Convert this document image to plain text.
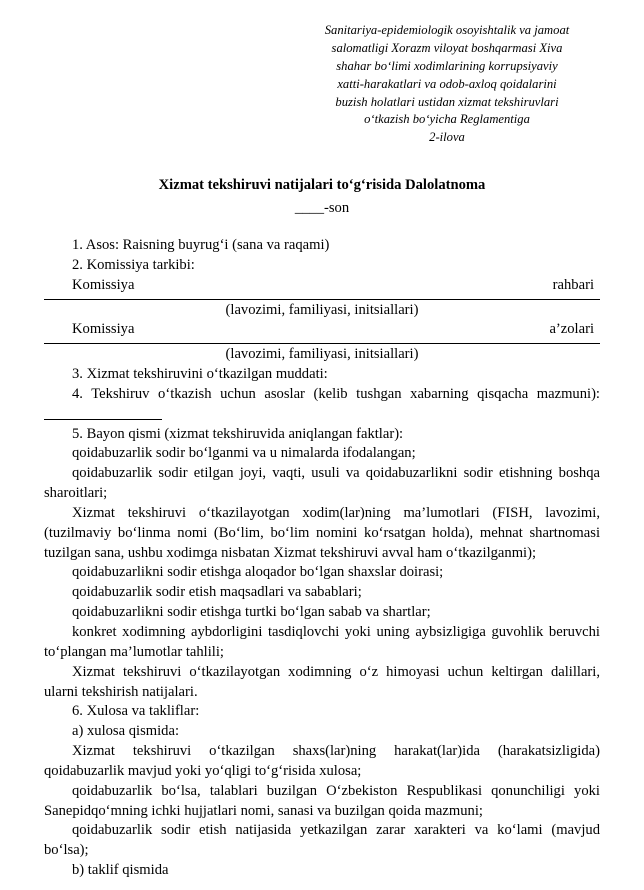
Sanitariya-epidemiologik osoyishtalik va jamoat
salomatligi Xorazm viloyat boshqarmasi Xiva
shahar bo‘limi xodimlarining korrupsiyaviy
xatti-harakatlari va odob-axloq qoidalarini
buzish holatlari ustidan xizmat tekshiruvlari
o‘tkazish bo‘yicha Reglamentiga
2-ilova
Xizmat tekshiruvi natijalari to‘g‘risida Dalolatnoma
____-son

1. Asos: Raisning buyrug‘i (sana va raqami)

2. Komissiya tarkibi:

Komissiya	rahbari

(lavozimi, familiyasi, initsiallari)

Komissiya	a’zolari

(lavozimi, familiyasi, initsiallari)

3. Xizmat tekshiruvini o‘tkazilgan muddati:

4. Tekshiruv o‘tkazish uchun asoslar (kelib tushgan xabarning qisqacha mazmuni):

5. Bayon qismi (xizmat tekshiruvida aniqlangan faktlar):

qoidabuzarlik sodir bo‘lganmi va u nimalarda ifodalangan;

qoidabuzarlik sodir etilgan joyi, vaqti, usuli va qoidabuzarlikni sodir etishning boshqa sharoitlari;

Xizmat tekshiruvi o‘tkazilayotgan xodim(lar)ning ma’lumotlari (FISH, lavozimi, (tuzilmaviy bo‘linma nomi (Bo‘lim, bo‘lim nomini ko‘rsatgan holda), mehnat shartnomasi tuzilgan sana, ushbu xodimga nisbatan Xizmat tekshiruvi avval ham o‘tkazilganmi);

qoidabuzarlikni sodir etishga aloqador bo‘lgan shaxslar doirasi;

qoidabuzarlik sodir etish maqsadlari va sabablari;

qoidabuzarlikni sodir etishga turtki bo‘lgan sabab va shartlar;

konkret xodimning aybdorligini tasdiqlovchi yoki uning aybsizligiga guvohlik beruvchi to‘plangan ma’lumotlar tahlili;

Xizmat tekshiruvi o‘tkazilayotgan xodimning o‘z himoyasi uchun keltirgan dalillari, ularni tekshirish natijalari.

6. Xulosa va takliflar:

a) xulosa qismida:

Xizmat tekshiruvi o‘tkazilgan shaxs(lar)ning harakat(lar)ida (harakatsizligida) qoidabuzarlik mavjud yoki yo‘qligi to‘g‘risida xulosa;

qoidabuzarlik bo‘lsa, talablari buzilgan O‘zbekiston Respublikasi qonunchiligi yoki Sanepidqo‘mning ichki hujjatlari nomi, sanasi va buzilgan qoida mazmuni;

qoidabuzarlik sodir etish natijasida yetkazilgan zarar xarakteri va ko‘lami (mavjud bo‘lsa);

b) taklif qismida
